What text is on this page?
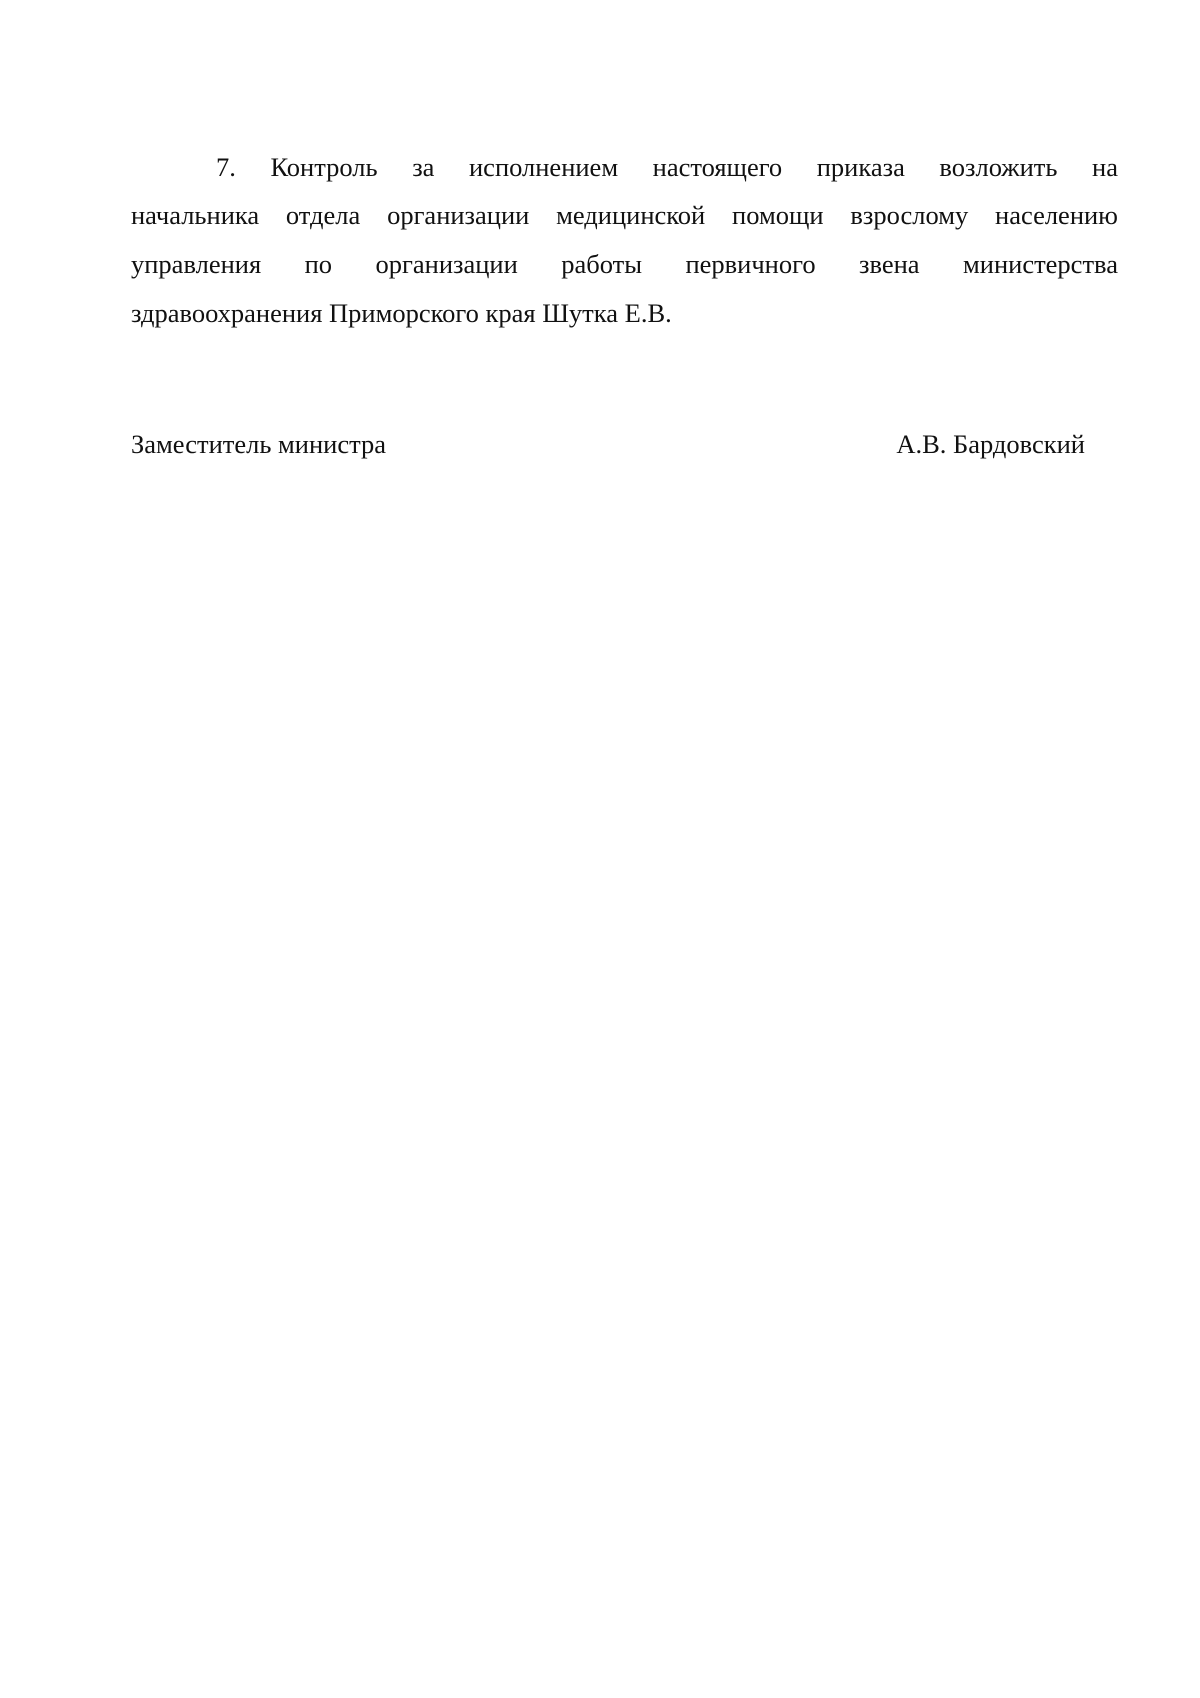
7. Контроль за исполнением настоящего приказа возложить на
начальника отдела организации медицинской помощи взрослому населению
управления по организации работы первичного звена министерства
здравоохранения Приморского края Шутка Е.В.
Заместитель министра	А.В. Бардовский
